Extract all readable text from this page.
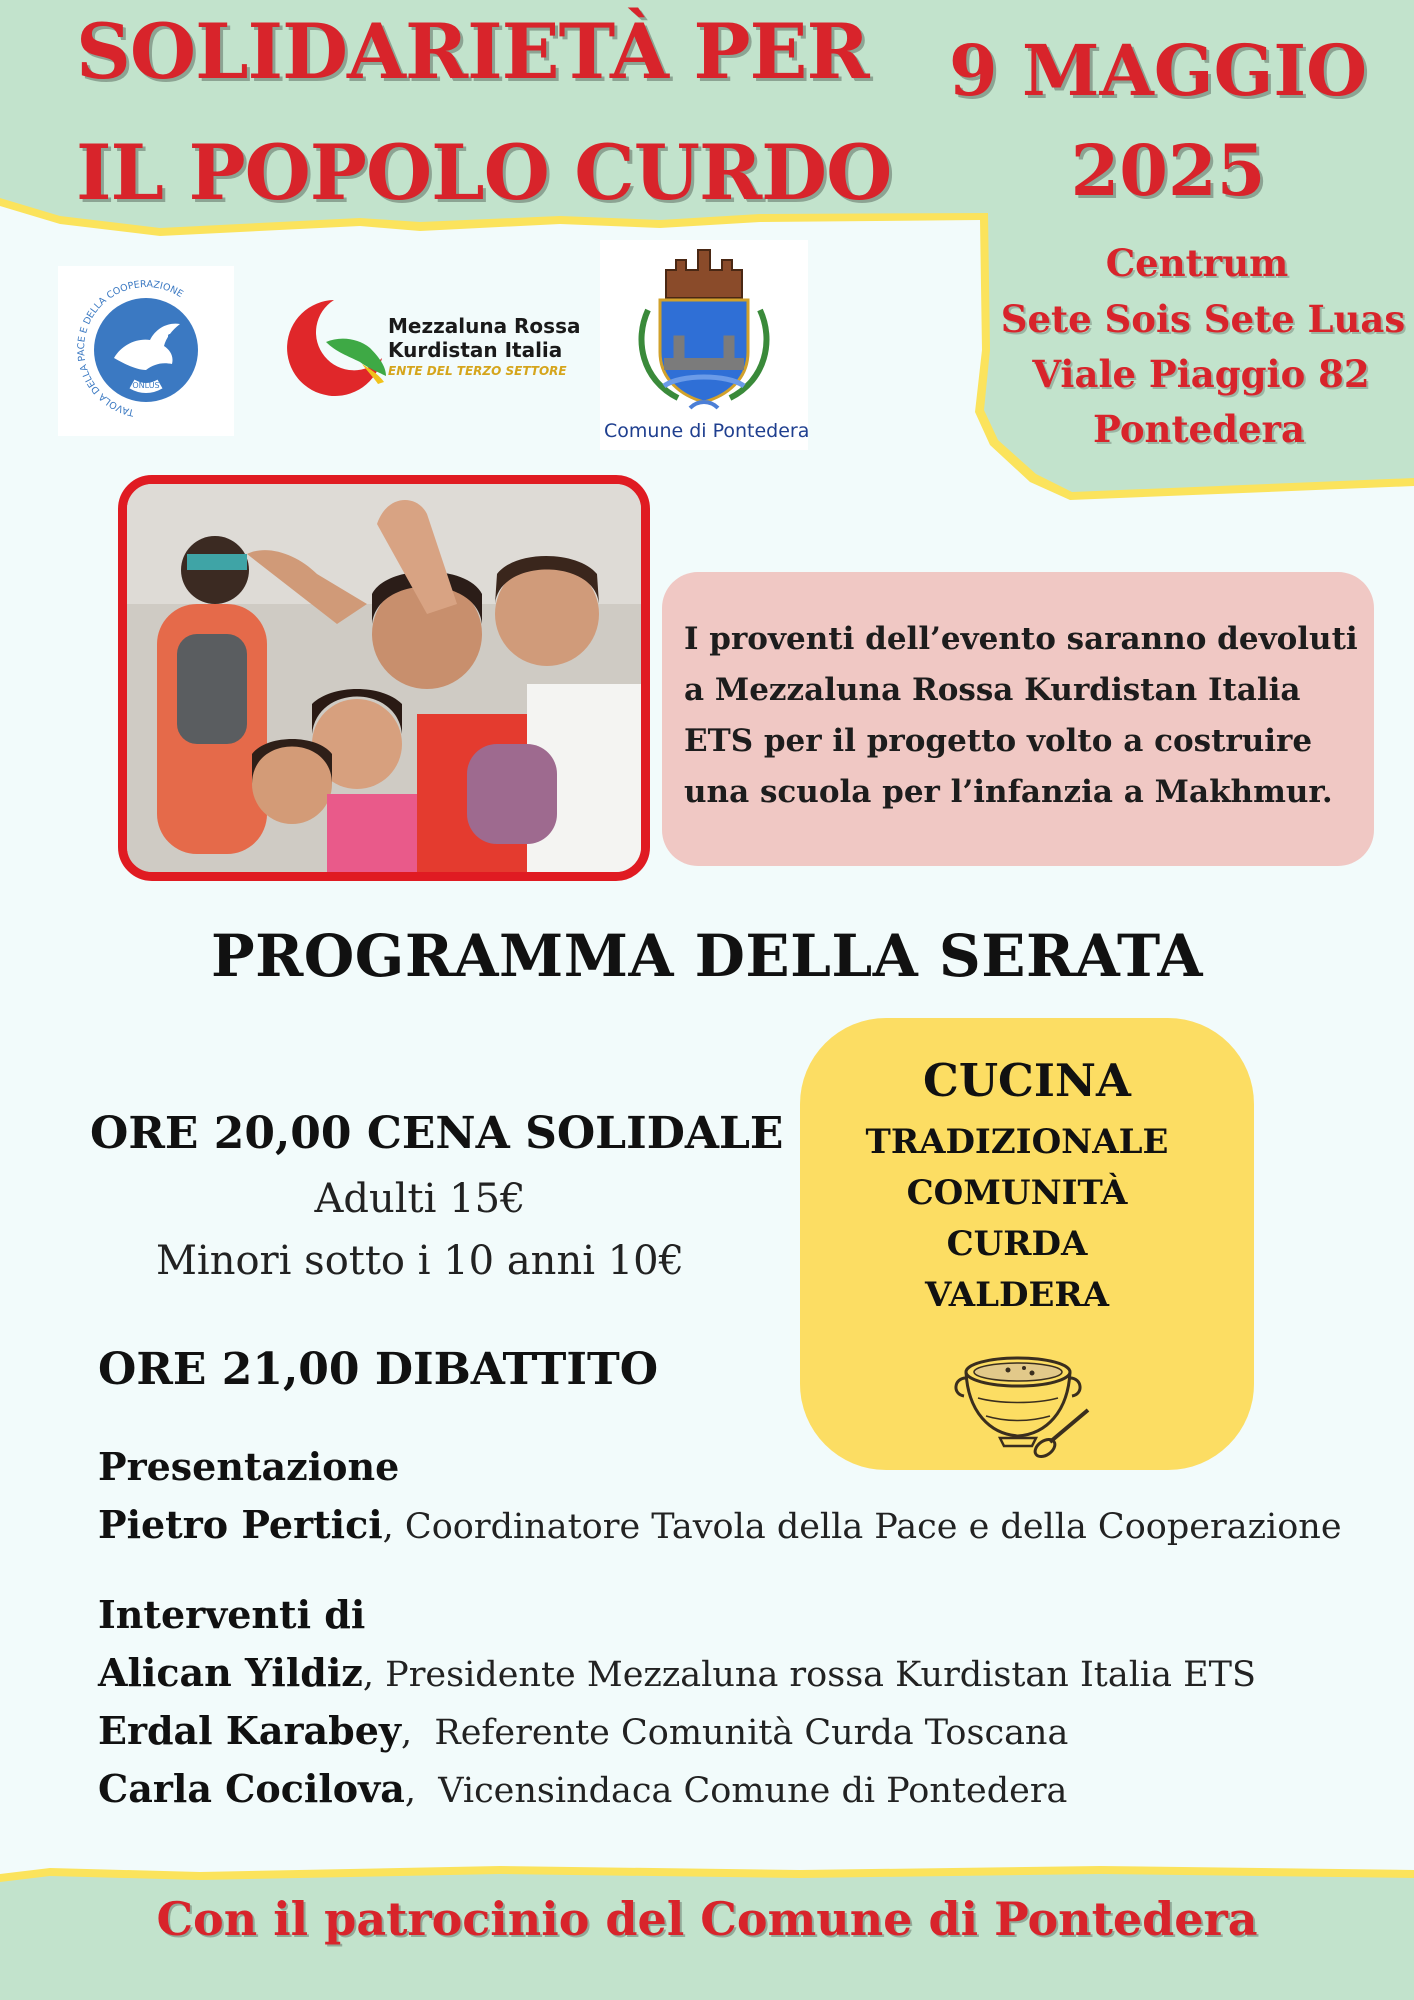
SOLIDARIETÀ PER
IL POPOLO CURDO
9 MAGGIO
2025
Centrum
Sete Sois Sete Luas
Viale Piaggio 82
Pontedera
ONLUS
TAVOLA DELLA PACE E DELLA COOPERAZIONE
Mezzaluna Rossa
Kurdistan Italia
ENTE DEL TERZO SETTORE
Comune di Pontedera
I proventi dell’evento saranno devoluti
a Mezzaluna Rossa Kurdistan Italia
ETS per il progetto volto a costruire
una scuola per l’infanzia a Makhmur.
PROGRAMMA DELLA SERATA
CUCINA
TRADIZIONALE
COMUNITÀ
CURDA
VALDERA
ORE 20,00 CENA SOLIDALE
Adulti 15€
Minori sotto i 10 anni 10€
ORE 21,00 DIBATTITO
Presentazione
Pietro Pertici, Coordinatore Tavola della Pace e della Cooperazione
Interventi di
Alican Yildiz, Presidente Mezzaluna rossa Kurdistan Italia ETS
Erdal Karabey,  Referente Comunità Curda Toscana
Carla Cocilova,  Vicensindaca Comune di Pontedera
Con il patrocinio del Comune di Pontedera
